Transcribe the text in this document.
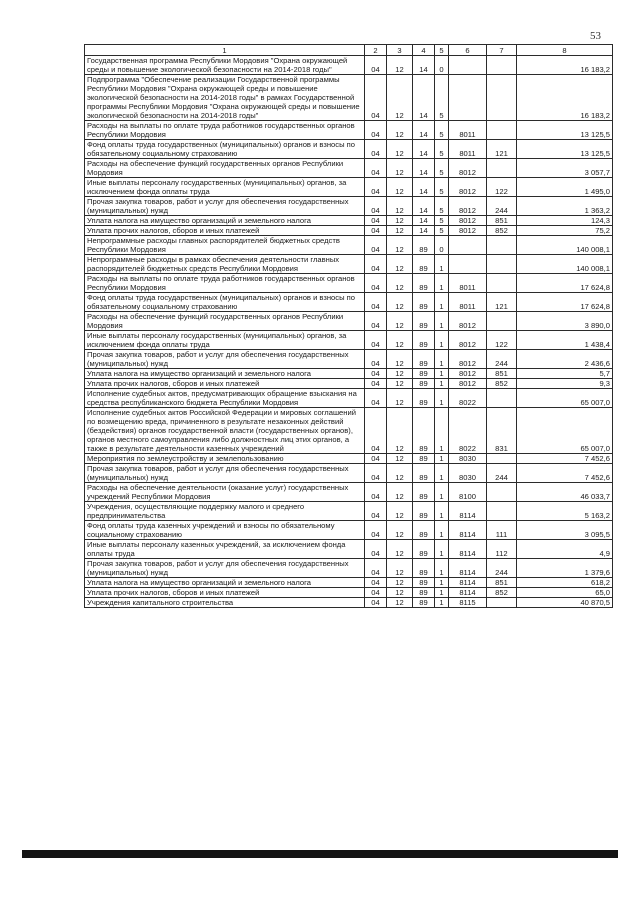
53
1	2	3	4	5	6	7	8
Государственная программа Республики Мордовия "Охрана окружающей среды и повышение экологической безопасности на 2014-2018 годы"	04	12	14	0			16 183,2
Подпрограмма "Обеспечение реализации Государственной программы Республики Мордовия "Охрана окружающей среды и повышение экологической безопасности на 2014-2018 годы" в рамках Государственной программы Республики Мордовия "Охрана окружающей среды и повышение экологической безопасности на 2014-2018 годы"	04	12	14	5			16 183,2
Расходы на выплаты по оплате труда работников государственных органов Республики Мордовия	04	12	14	5	8011		13 125,5
Фонд оплаты труда государственных (муниципальных) органов и взносы по обязательному социальному страхованию	04	12	14	5	8011	121	13 125,5
Расходы на обеспечение функций государственных органов Республики Мордовия	04	12	14	5	8012		3 057,7
Иные выплаты персоналу государственных (муниципальных) органов, за исключением фонда оплаты труда	04	12	14	5	8012	122	1 495,0
Прочая закупка товаров, работ и услуг для обеспечения государственных (муниципальных) нужд	04	12	14	5	8012	244	1 363,2
Уплата налога на имущество организаций и земельного налога	04	12	14	5	8012	851	124,3
Уплата прочих налогов, сборов и иных платежей	04	12	14	5	8012	852	75,2
Непрограммные расходы главных распорядителей бюджетных средств Республики Мордовия	04	12	89	0			140 008,1
Непрограммные расходы в рамках обеспечения деятельности главных распорядителей бюджетных средств Республики Мордовия	04	12	89	1			140 008,1
Расходы на выплаты по оплате труда работников государственных органов Республики Мордовия	04	12	89	1	8011		17 624,8
Фонд оплаты труда государственных (муниципальных) органов и взносы по обязательному социальному страхованию	04	12	89	1	8011	121	17 624,8
Расходы на обеспечение функций государственных органов Республики Мордовия	04	12	89	1	8012		3 890,0
Иные выплаты персоналу государственных (муниципальных) органов, за исключением фонда оплаты труда	04	12	89	1	8012	122	1 438,4
Прочая закупка товаров, работ и услуг для обеспечения государственных (муниципальных) нужд	04	12	89	1	8012	244	2 436,6
Уплата налога на имущество организаций и земельного налога	04	12	89	1	8012	851	5,7
Уплата прочих налогов, сборов и иных платежей	04	12	89	1	8012	852	9,3
Исполнение судебных актов, предусматривающих обращение взыскания на средства республиканского бюджета Республики Мордовия	04	12	89	1	8022		65 007,0
Исполнение судебных актов Российской Федерации и мировых соглашений по возмещению вреда, причиненного в результате незаконных действий (бездействия) органов государственной власти (государственных органов), органов местного самоуправления либо должностных лиц этих органов, а также в результате деятельности казенных учреждений	04	12	89	1	8022	831	65 007,0
Мероприятия по землеустройству и землепользованию	04	12	89	1	8030		7 452,6
Прочая закупка товаров, работ и услуг для обеспечения государственных (муниципальных) нужд	04	12	89	1	8030	244	7 452,6
Расходы на обеспечение деятельности (оказание услуг) государственных учреждений Республики Мордовия	04	12	89	1	8100		46 033,7
Учреждения, осуществляющие поддержку малого и среднего предпринимательства	04	12	89	1	8114		5 163,2
Фонд оплаты труда казенных учреждений и взносы по обязательному социальному страхованию	04	12	89	1	8114	111	3 095,5
Иные выплаты персоналу казенных учреждений, за исключением фонда оплаты труда	04	12	89	1	8114	112	4,9
Прочая закупка товаров, работ и услуг для обеспечения государственных (муниципальных) нужд	04	12	89	1	8114	244	1 379,6
Уплата налога на имущество организаций и земельного налога	04	12	89	1	8114	851	618,2
Уплата прочих налогов, сборов и иных платежей	04	12	89	1	8114	852	65,0
Учреждения капитального строительства	04	12	89	1	8115		40 870,5
